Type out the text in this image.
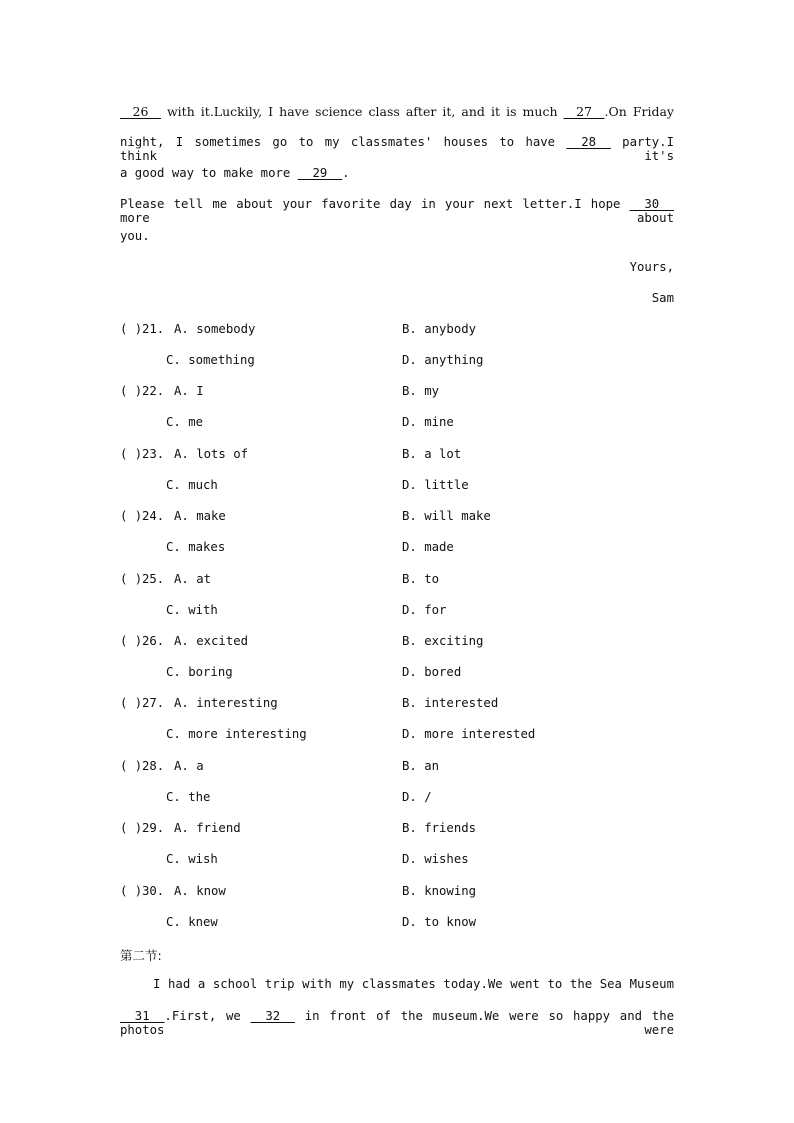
__26__ with it.Luckily, I have science class after it, and it is much __27__.On Friday
night, I sometimes go to my classmates' houses to have __28__ party.I think it's
a good way to make more __29__.
Please tell me about your favorite day in your next letter.I hope __30__ more about
you.
Yours,
Sam
( ) 21. A. somebody	B. anybody
C. something	D. anything
( ) 22. A. I	B. my
C. me	D. mine
( ) 23. A. lots of	B. a lot
C. much	D. little
( ) 24. A. make	B. will make
C. makes	D. made
( ) 25. A. at	B. to
C. with	D. for
( ) 26. A. excited	B. exciting
C. boring	D. bored
( ) 27. A. interesting	B. interested
C. more interesting	D. more interested
( ) 28. A. a	B. an
C. the	D. /
( ) 29. A. friend	B. friends
C. wish	D. wishes
( ) 30. A. know	B. knowing
C. knew	D. to know
第二节:
I had a school trip with my classmates today.We went to the Sea Museum
__31__.First, we __32__ in front of the museum.We were so happy and the photos were
